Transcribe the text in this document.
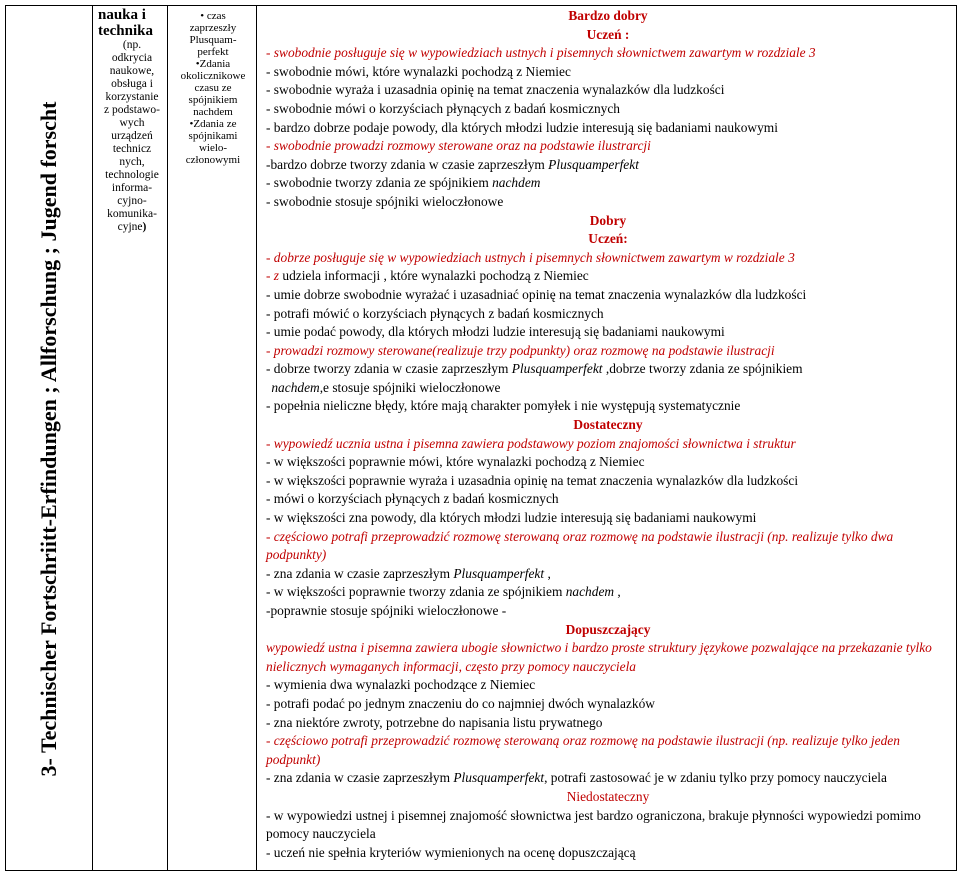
3- Technischer Fortschriitt-Erfindungen ; Allforschung ; Jugend forscht
nauka i technika
(np.
odkrycia
naukowe,
obsługa i
korzystanie
z podstawo-
wych
urządzeń
technicz
nych,
technologie
informa-
cyjno-
komunika-
cyjne)
• czas
zaprzeszły
Plusquam-
perfekt
•Zdania
okolicznikowe
czasu ze
spójnikiem
nachdem
•Zdania ze
spójnikami
wielo-
członowymi
Bardzo dobry
Uczeń :
- swobodnie posługuje się w wypowiedziach ustnych i pisemnych słownictwem zawartym w rozdziale 3
- swobodnie mówi, które wynalazki pochodzą z Niemiec
- swobodnie wyraża i uzasadnia opinię na temat znaczenia wynalazków dla ludzkości
- swobodnie mówi o korzyściach płynących z badań kosmicznych
- bardzo dobrze podaje powody, dla których młodzi ludzie interesują się badaniami naukowymi
- swobodnie prowadzi rozmowy sterowane oraz na podstawie ilustrarcji
-bardzo dobrze tworzy zdania w czasie zaprzeszłym Plusquamperfekt
- swobodnie tworzy zdania ze spójnikiem nachdem
- swobodnie stosuje spójniki wieloczłonowe
Dobry
Uczeń:
- dobrze posługuje się w wypowiedziach ustnych i pisemnych słownictwem zawartym w rozdziale 3
- z udziela informacji , które wynalazki pochodzą z Niemiec
- umie dobrze swobodnie wyrażać i uzasadniać opinię na temat znaczenia wynalazków dla ludzkości
- potrafi mówić o korzyściach płynących z badań kosmicznych
- umie podać powody, dla których młodzi ludzie interesują się badaniami naukowymi
- prowadzi rozmowy sterowane(realizuje trzy podpunkty) oraz rozmowę na podstawie ilustracji
- dobrze tworzy zdania w czasie zaprzeszłym Plusquamperfekt ,dobrze tworzy zdania ze spójnikiem
nachdem,e stosuje spójniki wieloczłonowe
- popełnia nieliczne błędy, które mają charakter pomyłek i nie występują systematycznie
Dostateczny
- wypowiedź ucznia ustna i pisemna zawiera podstawowy poziom znajomości słownictwa i struktur
- w większości poprawnie mówi, które wynalazki pochodzą z Niemiec
- w większości poprawnie wyraża i uzasadnia opinię na temat znaczenia wynalazków dla ludzkości
- mówi o korzyściach płynących z badań kosmicznych
- w większości zna powody, dla których młodzi ludzie interesują się badaniami naukowymi
- częściowo potrafi przeprowadzić rozmowę sterowaną oraz rozmowę na podstawie ilustracji (np. realizuje tylko dwa podpunkty)
- zna zdania w czasie zaprzeszłym Plusquamperfekt ,
- w większości poprawnie tworzy zdania ze spójnikiem nachdem ,
-poprawnie stosuje spójniki wieloczłonowe -
Dopuszczający
wypowiedź ustna i pisemna zawiera ubogie słownictwo i bardzo proste struktury językowe pozwalające na przekazanie tylko nielicznych wymaganych informacji, często przy pomocy nauczyciela
- wymienia dwa wynalazki pochodzące z Niemiec
- potrafi podać po jednym znaczeniu do co najmniej dwóch wynalazków
- zna niektóre zwroty, potrzebne do napisania listu prywatnego
- częściowo potrafi przeprowadzić rozmowę sterowaną oraz rozmowę na podstawie ilustracji (np. realizuje tylko jeden podpunkt)
- zna zdania w czasie zaprzeszłym Plusquamperfekt, potrafi zastosować je w zdaniu tylko przy pomocy nauczyciela
Niedostateczny
- w wypowiedzi ustnej i pisemnej znajomość słownictwa jest bardzo ograniczona, brakuje płynności wypowiedzi pomimo pomocy nauczyciela
- uczeń nie spełnia kryteriów wymienionych na ocenę dopuszczającą
